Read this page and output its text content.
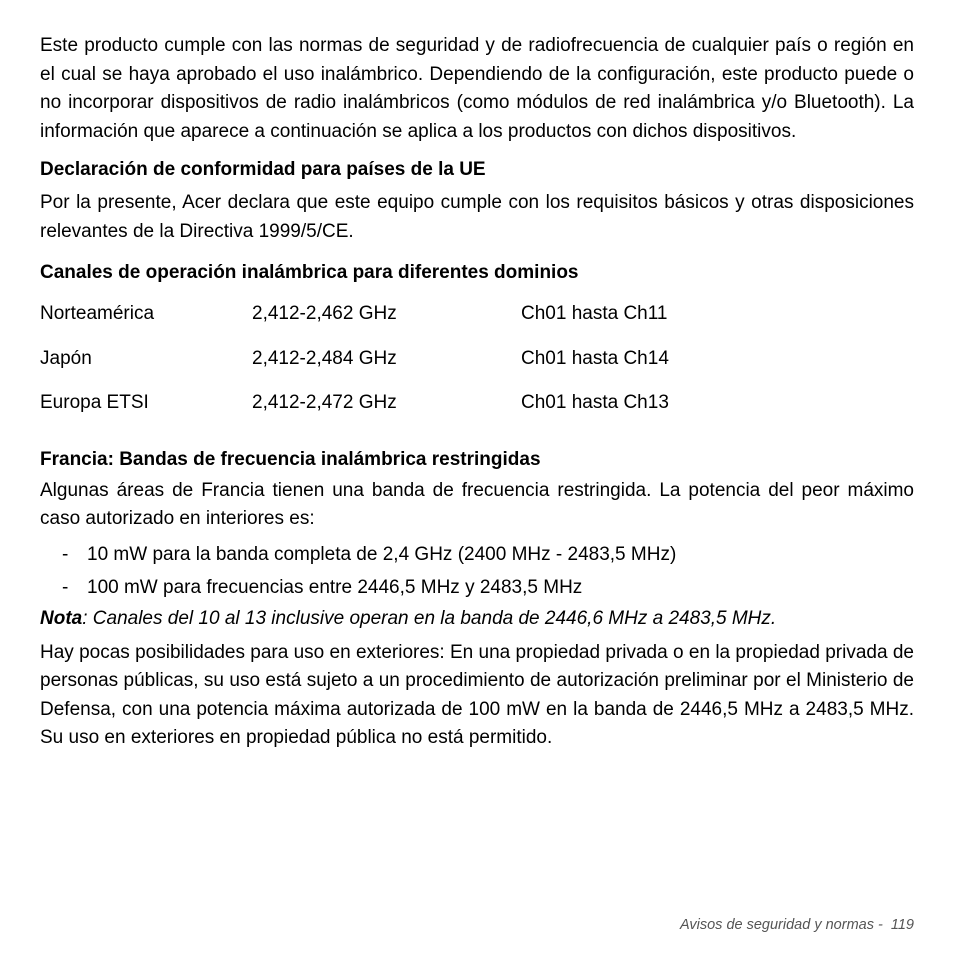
Este producto cumple con las normas de seguridad y de radiofrecuencia de cualquier país o región en el cual se haya aprobado el uso inalámbrico. Dependiendo de la configuración, este producto puede o no incorporar dispositivos de radio inalámbricos (como módulos de red inalámbrica y/o Bluetooth). La información que aparece a continuación se aplica a los productos con dichos dispositivos.

Declaración de conformidad para países de la UE

Por la presente, Acer declara que este equipo cumple con los requisitos básicos y otras disposiciones relevantes de la Directiva 1999/5/CE.

Canales de operación inalámbrica para diferentes dominios
Norteamérica	2,412-2,462 GHz	Ch01 hasta Ch11
Japón	2,412-2,484 GHz	Ch01 hasta Ch14
Europa ETSI	2,412-2,472 GHz	Ch01 hasta Ch13
Francia: Bandas de frecuencia inalámbrica restringidas

Algunas áreas de Francia tienen una banda de frecuencia restringida. La potencia del peor máximo caso autorizado en interiores es:

- 10 mW para la banda completa de 2,4 GHz (2400 MHz - 2483,5 MHz)
- 100 mW para frecuencias entre 2446,5 MHz y 2483,5 MHz

Nota: Canales del 10 al 13 inclusive operan en la banda de 2446,6 MHz a 2483,5 MHz.

Hay pocas posibilidades para uso en exteriores: En una propiedad privada o en la propiedad privada de personas públicas, su uso está sujeto a un procedimiento de autorización preliminar por el Ministerio de Defensa, con una potencia máxima autorizada de 100 mW en la banda de 2446,5 MHz a 2483,5 MHz. Su uso en exteriores en propiedad pública no está permitido.

Avisos de seguridad y normas -  119
